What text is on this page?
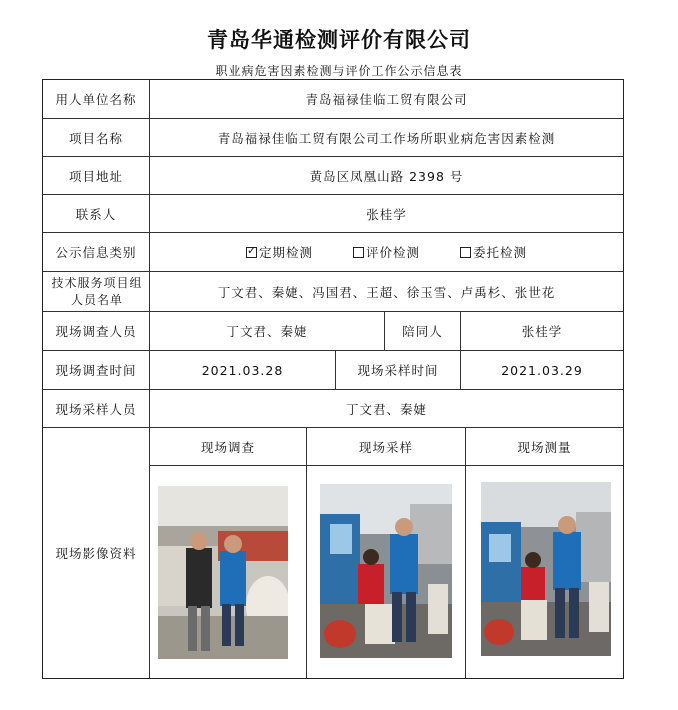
青岛华通检测评价有限公司
职业病危害因素检测与评价工作公示信息表
用人单位名称	青岛福禄佳临工贸有限公司
项目名称	青岛福禄佳临工贸有限公司工作场所职业病危害因素检测
项目地址	黄岛区凤凰山路 2398 号
联系人	张桂学
公示信息类别
✓	定期检测	评价检测	委托检测
技术服务项目组人员名单	丁文君、秦婕、冯国君、王超、徐玉雪、卢禹杉、张世花
现场调查人员	丁文君、秦婕	陪同人	张桂学
现场调查时间	2021.03.28	现场采样时间	2021.03.29
现场采样人员	丁文君、秦婕
现场影像资料
现场调查	现场采样	现场测量
